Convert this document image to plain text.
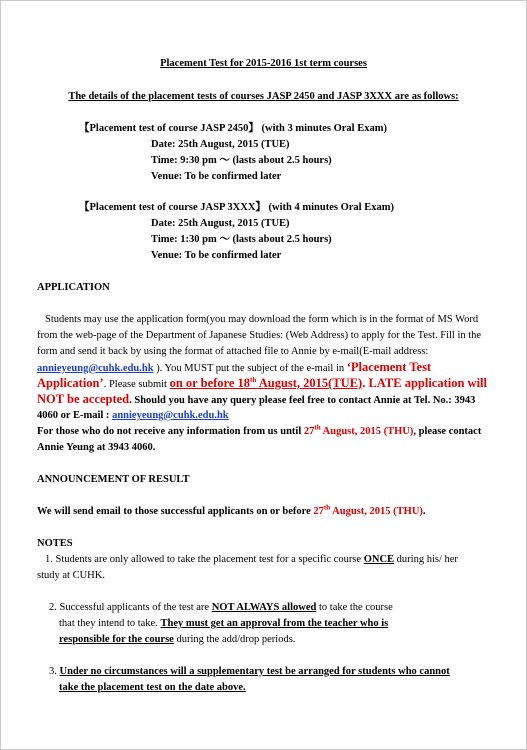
Placement Test for 2015-2016 1st term courses
The details of the placement tests of courses JASP 2450 and JASP 3XXX are as follows:
【Placement test of course JASP 2450】 (with 3 minutes Oral Exam)
Date: 25th August, 2015 (TUE)
Time: 9:30 pm 〜 (lasts about 2.5 hours)
Venue: To be confirmed later
【Placement test of course JASP 3XXX】 (with 4 minutes Oral Exam)
Date: 25th August, 2015 (TUE)
Time: 1:30 pm 〜 (lasts about 2.5 hours)
Venue: To be confirmed later
APPLICATION
Students may use the application form(you may download the form which is in the format of MS Word
from the web-page of the Department of Japanese Studies: (Web Address) to apply for the Test. Fill in the
form and send it back by using the format of attached file to Annie by e-mail(E-mail address:
annieyeung@cuhk.edu.hk ). You MUST put the subject of the e-mail in ‘Placement Test
Application’. Please submit on or before 18th August, 2015(TUE). LATE application will
NOT be accepted. Should you have any query please feel free to contact Annie at Tel. No.: 3943
4060 or E-mail : annieyeung@cuhk.edu.hk
For those who do not receive any information from us until 27th August, 2015 (THU), please contact
Annie Yeung at 3943 4060.
ANNOUNCEMENT OF RESULT
We will send email to those successful applicants on or before 27th August, 2015 (THU).
NOTES
1. Students are only allowed to take the placement test for a specific course ONCE during his/ her
study at CUHK.
2. Successful applicants of the test are NOT ALWAYS allowed to take the course
that they intend to take. They must get an approval from the teacher who is
responsible for the course during the add/drop periods.
3. Under no circumstances will a supplementary test be arranged for students who cannot
take the placement test on the date above.
